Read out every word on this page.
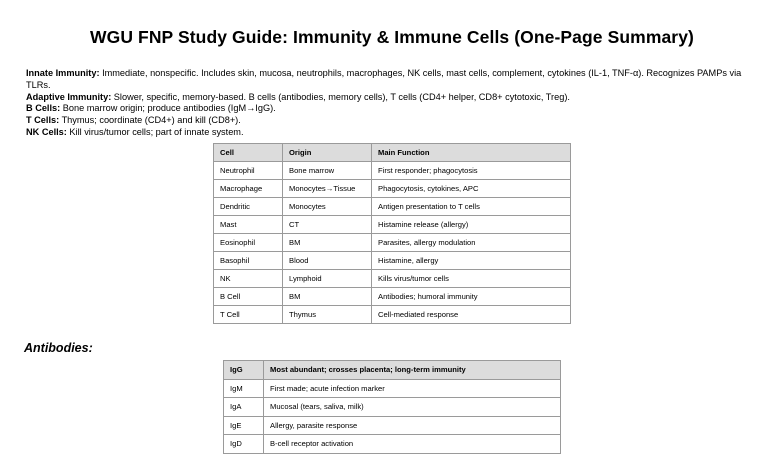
WGU FNP Study Guide: Immunity & Immune Cells (One-Page Summary)
Innate Immunity: Immediate, nonspecific. Includes skin, mucosa, neutrophils, macrophages, NK cells, mast cells, complement, cytokines (IL-1, TNF-α). Recognizes PAMPs via TLRs.
Adaptive Immunity: Slower, specific, memory-based. B cells (antibodies, memory cells), T cells (CD4+ helper, CD8+ cytotoxic, Treg).
B Cells: Bone marrow origin; produce antibodies (IgM→IgG).
T Cells: Thymus; coordinate (CD4+) and kill (CD8+).
NK Cells: Kill virus/tumor cells; part of innate system.
Cell	Origin	Main Function
Neutrophil	Bone marrow	First responder; phagocytosis
Macrophage	Monocytes→Tissue	Phagocytosis, cytokines, APC
Dendritic	Monocytes	Antigen presentation to T cells
Mast	CT	Histamine release (allergy)
Eosinophil	BM	Parasites, allergy modulation
Basophil	Blood	Histamine, allergy
NK	Lymphoid	Kills virus/tumor cells
B Cell	BM	Antibodies; humoral immunity
T Cell	Thymus	Cell-mediated response
Antibodies:
IgG	Most abundant; crosses placenta; long-term immunity
IgM	First made; acute infection marker
IgA	Mucosal (tears, saliva, milk)
IgE	Allergy, parasite response
IgD	B-cell receptor activation
